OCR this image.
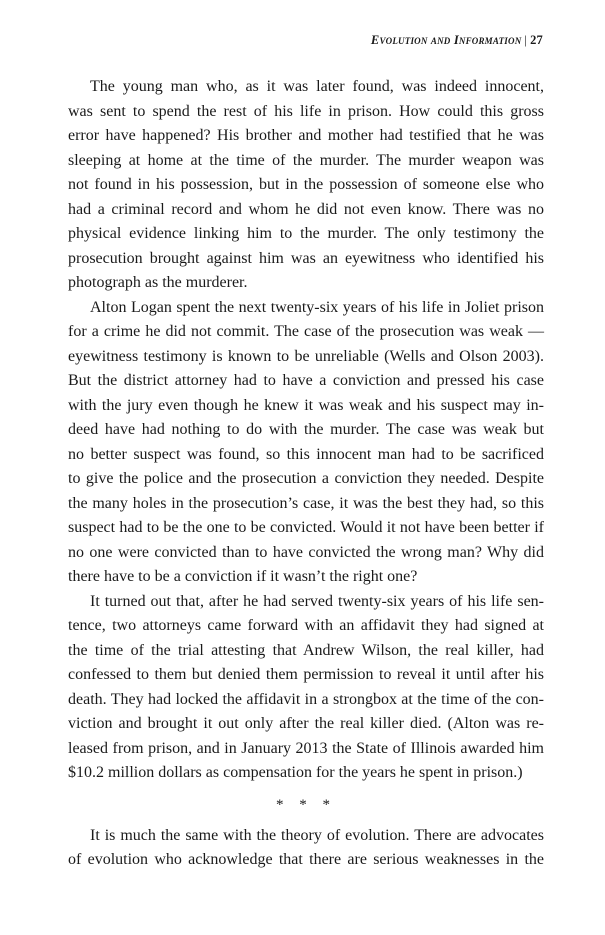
Evolution and Information | 27

The young man who, as it was later found, was indeed innocent,
was sent to spend the rest of his life in prison. How could this gross
error have happened? His brother and mother had testified that he was
sleeping at home at the time of the murder. The murder weapon was
not found in his possession, but in the possession of someone else who
had a criminal record and whom he did not even know. There was no
physical evidence linking him to the murder. The only testimony the
prosecution brought against him was an eyewitness who identified his
photograph as the murderer.

Alton Logan spent the next twenty-six years of his life in Joliet prison
for a crime he did not commit. The case of the prosecution was weak —
eyewitness testimony is known to be unreliable (Wells and Olson 2003).
But the district attorney had to have a conviction and pressed his case
with the jury even though he knew it was weak and his suspect may in-
deed have had nothing to do with the murder. The case was weak but
no better suspect was found, so this innocent man had to be sacrificed
to give the police and the prosecution a conviction they needed. Despite
the many holes in the prosecution’s case, it was the best they had, so this
suspect had to be the one to be convicted. Would it not have been better if
no one were convicted than to have convicted the wrong man? Why did
there have to be a conviction if it wasn’t the right one?

It turned out that, after he had served twenty-six years of his life sen-
tence, two attorneys came forward with an affidavit they had signed at
the time of the trial attesting that Andrew Wilson, the real killer, had
confessed to them but denied them permission to reveal it until after his
death. They had locked the affidavit in a strongbox at the time of the con-
viction and brought it out only after the real killer died. (Alton was re-
leased from prison, and in January 2013 the State of Illinois awarded him
$10.2 million dollars as compensation for the years he spent in prison.)

* * *

It is much the same with the theory of evolution. There are advocates
of evolution who acknowledge that there are serious weaknesses in the
